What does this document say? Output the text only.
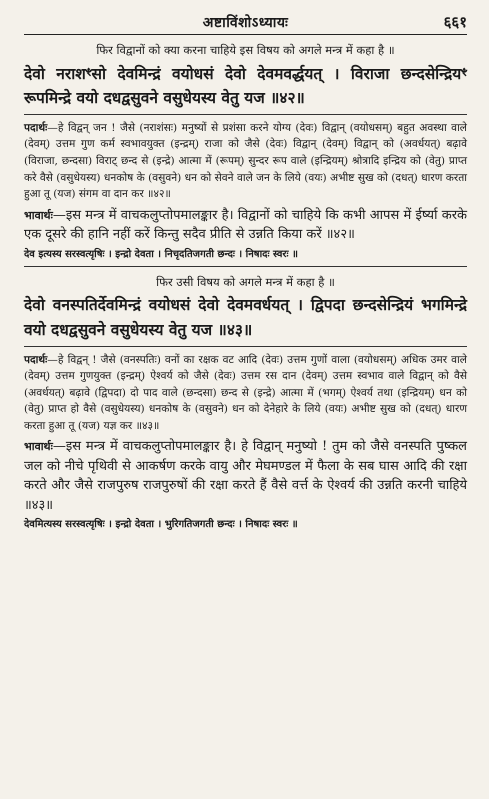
अष्टाविंशोऽध्यायः	६६१
फिर विद्वानों को क्या करना चाहिये इस विषय को अगले मन्त्र में कहा है ॥
देवो नराशꣳसो देवमिन्द्रं वयोधसं देवो देवमवर्द्धयत् । विराजा छन्दसेन्द्रियꣳ रूपमिन्द्रे वयो दधद्वसुवने वसुधेयस्य वेतु यज ॥४२॥
पदार्थः—हे विद्वन् जन ! जैसे (नराशंसः) मनुष्यों से प्रशंसा करने योग्य (देवः) विद्वान् (वयोधसम्) बहुत अवस्था वाले (देवम्) उत्तम गुण कर्म स्वभावयुक्त (इन्द्रम्) राजा को जैसे (देवः) विद्वान् (देवम्) विद्वान् को (अवर्धयत्) बढ़ावे (विराजा, छन्दसा) विराट् छन्द से (इन्द्रे) आत्मा में (रूपम्) सुन्दर रूप वाले (इन्द्रियम्) श्रोत्रादि इन्द्रिय को (वेतु) प्राप्त करे वैसे (वसुधेयस्य) धनकोष के (वसुवने) धन को सेवने वाले जन के लिये (वयः) अभीष्ट सुख को (दधत्) धारण करता हुआ तू (यज) संगम वा दान कर ॥४२॥
भावार्थः—इस मन्त्र में वाचकलुप्तोपमालङ्कार है। विद्वानों को चाहिये कि कभी आपस में ईर्ष्या करके एक दूसरे की हानि नहीं करें किन्तु सदैव प्रीति से उन्नति किया करें ॥४२॥
देव इत्यस्य सरस्वत्यृषिः । इन्द्रो देवता । निचृदतिजगती छन्दः । निषादः स्वरः ॥
फिर उसी विषय को अगले मन्त्र में कहा है ॥
देवो वनस्पतिर्देवमिन्द्रं वयोधसं देवो देवमवर्धयत् । द्विपदा छन्दसेन्द्रियं भगमिन्द्रे वयो दधद्वसुवने वसुधेयस्य वेतु यज ॥४३॥
पदार्थः—हे विद्वन् ! जैसे (वनस्पतिः) वनों का रक्षक वट आदि (देवः) उत्तम गुणों वाला (वयोधसम्) अधिक उमर वाले (देवम्) उत्तम गुणयुक्त (इन्द्रम्) ऐश्वर्य को जैसे (देवः) उत्तम रस दान (देवम्) उत्तम स्वभाव वाले विद्वान् को वैसे (अवर्धयत्) बढ़ावे (द्विपदा) दो पाद वाले (छन्दसा) छन्द से (इन्द्रे) आत्मा में (भगम्) ऐश्वर्य तथा (इन्द्रियम्) धन को (वेतु) प्राप्त हो वैसे (वसुधेयस्य) धनकोष के (वसुवने) धन को देनेहारे के लिये (वयः) अभीष्ट सुख को (दधत्) धारण करता हुआ तू (यज) यज्ञ कर ॥४३॥
भावार्थः—इस मन्त्र में वाचकलुप्तोपमालङ्कार है। हे विद्वान् मनुष्यो ! तुम को जैसे वनस्पति पुष्कल जल को नीचे पृथिवी से आकर्षण करके वायु और मेघमण्डल में फैला के सब घास आदि की रक्षा करते और जैसे राजपुरुष राजपुरुषों की रक्षा करते हैं वैसे वर्त्त के ऐश्वर्य की उन्नति करनी चाहिये ॥४३॥
देवमित्यस्य सरस्वत्यृषिः । इन्द्रो देवता । भुरिगतिजगती छन्दः । निषादः स्वरः ॥
